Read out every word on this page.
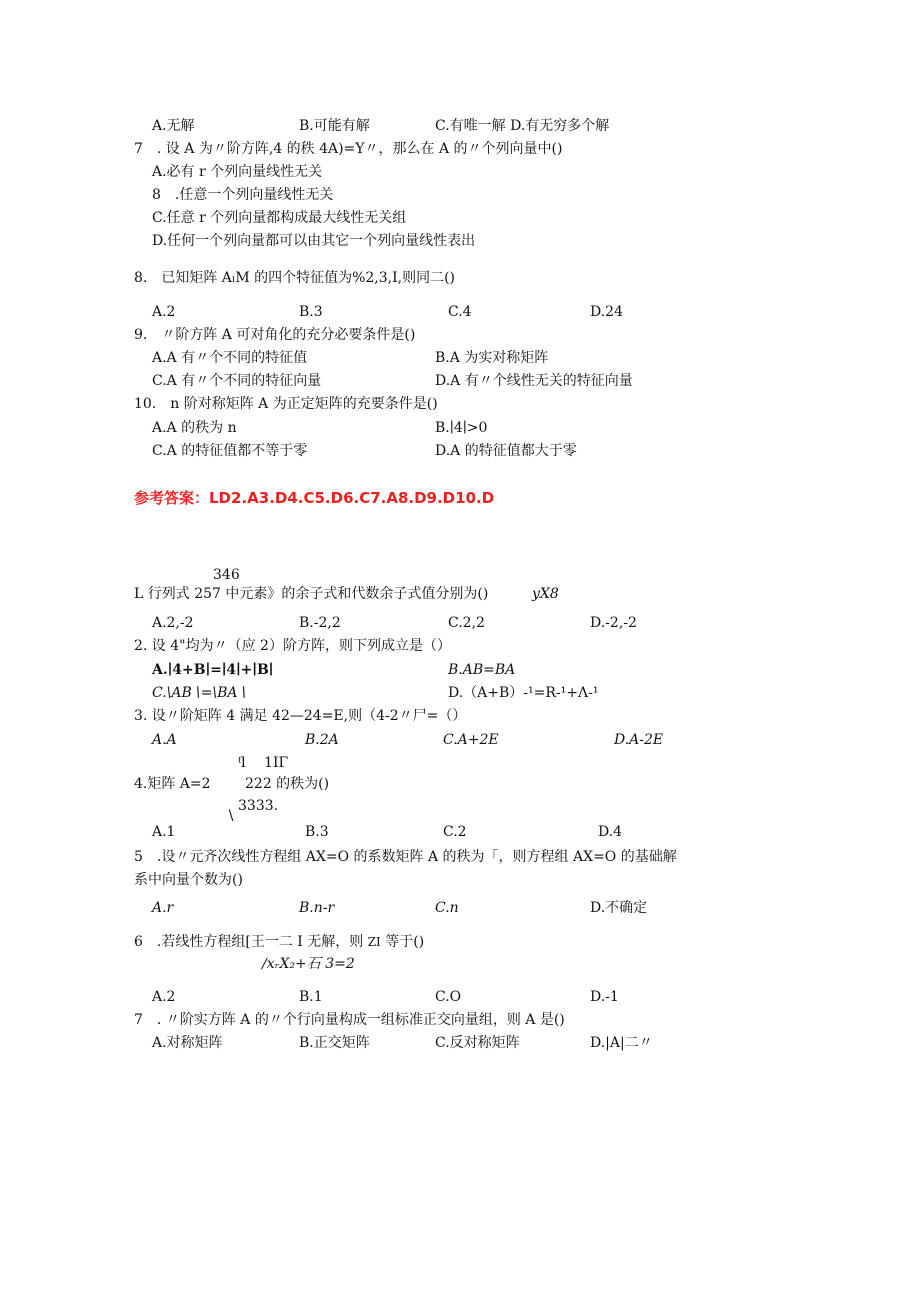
A.无解	B.可能有解	C.有唯一解 D.有无穷多个解
7　. 设 A 为〃阶方阵,4 的秩 4A)=Y〃，那么在 A 的〃个列向量中()
A.必有 r 个列向量线性无关
8　.任意一个列向量线性无关
C.任意 r 个列向量都构成最大线性无关组
D.任何一个列向量都可以由其它一个列向量线性表出
8.　已知矩阵 AₗM 的四个特征值为%2,3,I,则同二()
A.2	B.3	C.4	D.24
9.　〃阶方阵 A 可对角化的充分必要条件是()
A.A 有〃个不同的特征值	B.A 为实对称矩阵
C.A 有〃个不同的特征向量	D.A 有〃个线性无关的特征向量
10.　n 阶对称矩阵 A 为正定矩阵的充要条件是()
A.A 的秩为 n	B.∣4∣>0
C.A 的特征值都不等于零	D.A 的特征值都大于零
参考答案：LD2.A3.D4.C5.D6.C7.A8.D9.D10.D
346
L 行列式 257 中元素》的余子式和代数余子式值分别为()	yX8
A.2,-2	B.-2,2	C.2,2	D.-2,-2
2. 设 4"均为〃（应 2）阶方阵，则下列成立是（）
A.∣4+B∣=∣4∣+∣B∣	B.AB=BA
C.\AB∖=\BA∖	D.（A+B）-¹=R-¹+Λ-¹
3. 设〃阶矩阵 4 满足 42—24=E,则（4-2〃尸=（）
A.A	B.2A	C.A+2E	D.A-2E
ᶠl  1IΓ
4.矩阵 A=2 222 的秩为()
3333.
∖
A.1	B.3	C.2	D.4
5　.设〃元齐次线性方程组 AX=O 的系数矩阵 A 的秩为「，则方程组 AX=O 的基础解
系中向量个数为()
A.r	B.n-r	C.n	D.不确定
6　.若线性方程组[王一二 I 无解，则 ZI 等于()
∕xᵣX₂+石 3=2
A.2	B.1	C.O	D.-1
7　. 〃阶实方阵 A 的〃个行向量构成一组标准正交向量组，则 A 是()
A.对称矩阵	B.正交矩阵	C.反对称矩阵	D.|A|二〃
